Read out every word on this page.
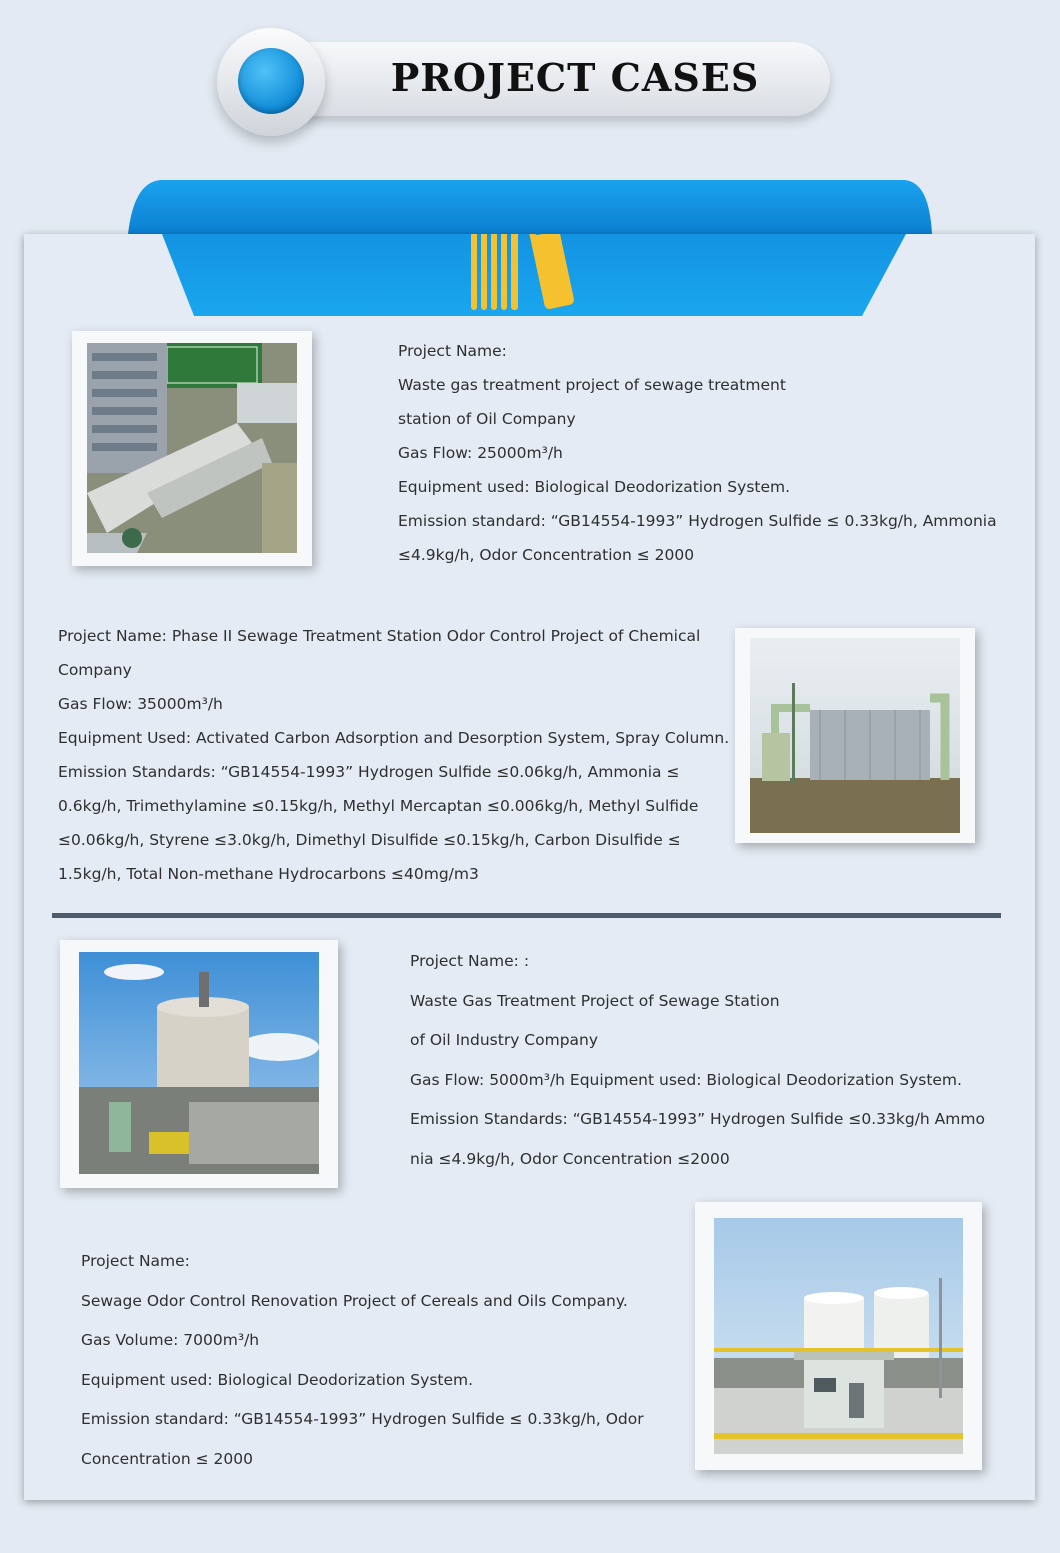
PROJECT CASES
Project Name:
Waste gas treatment project of sewage treatment
station of Oil Company
Gas Flow: 25000m³/h
Equipment used: Biological Deodorization System.
Emission standard: “GB14554-1993” Hydrogen Sulfide ≤ 0.33kg/h, Ammonia
≤4.9kg/h, Odor Concentration ≤ 2000
Project Name: Phase II Sewage Treatment Station Odor Control Project of Chemical
Company
Gas Flow: 35000m³/h
Equipment Used: Activated Carbon Adsorption and Desorption System, Spray Column.
Emission Standards: “GB14554-1993” Hydrogen Sulfide ≤0.06kg/h, Ammonia ≤
0.6kg/h, Trimethylamine ≤0.15kg/h, Methyl Mercaptan ≤0.006kg/h, Methyl Sulfide
≤0.06kg/h, Styrene ≤3.0kg/h, Dimethyl Disulfide ≤0.15kg/h, Carbon Disulfide ≤
1.5kg/h, Total Non-methane Hydrocarbons ≤40mg/m3
Project Name: :
Waste Gas Treatment Project of Sewage Station
of Oil Industry Company
Gas Flow: 5000m³/h Equipment used: Biological Deodorization System.
Emission Standards: “GB14554-1993” Hydrogen Sulfide ≤0.33kg/h Ammo
nia ≤4.9kg/h, Odor Concentration ≤2000
Project Name:
Sewage Odor Control Renovation Project of Cereals and Oils Company.
Gas Volume: 7000m³/h
Equipment used: Biological Deodorization System.
Emission standard: “GB14554-1993” Hydrogen Sulfide ≤ 0.33kg/h, Odor
Concentration ≤ 2000
